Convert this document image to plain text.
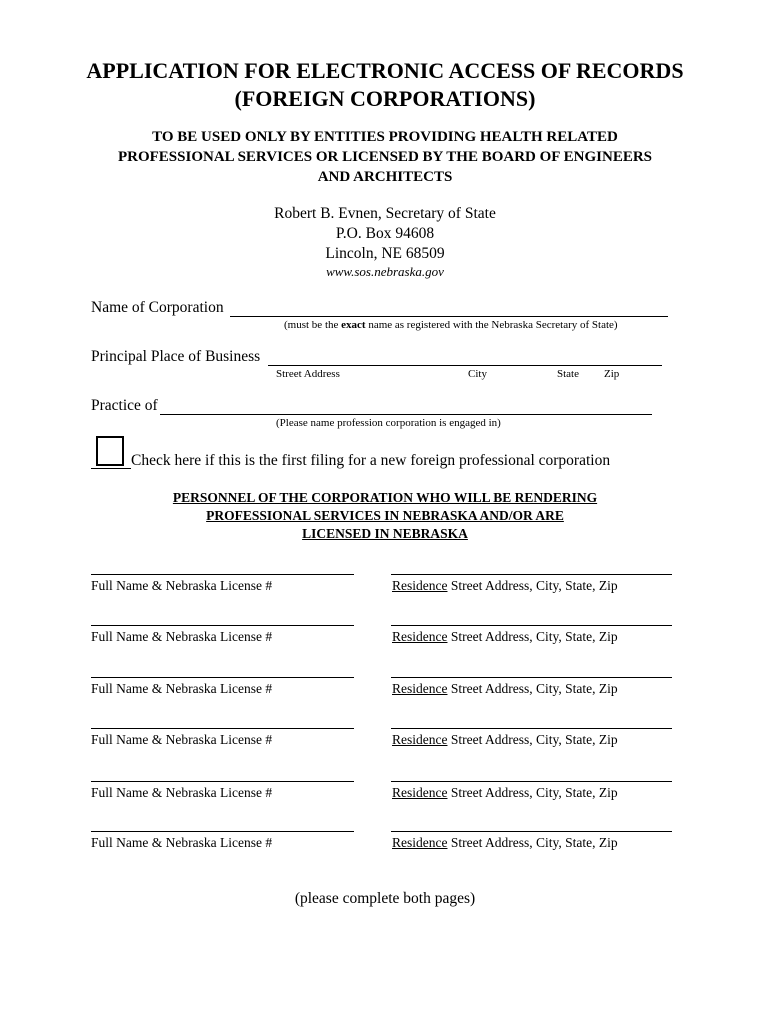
APPLICATION FOR ELECTRONIC ACCESS OF RECORDS
(FOREIGN CORPORATIONS)
TO BE USED ONLY BY ENTITIES PROVIDING HEALTH RELATED
PROFESSIONAL SERVICES OR LICENSED BY THE BOARD OF ENGINEERS
AND ARCHITECTS
Robert B. Evnen, Secretary of State
P.O. Box 94608
Lincoln, NE 68509
www.sos.nebraska.gov
Name of Corporation
(must be the exact name as registered with the Nebraska Secretary of State)
Principal Place of Business
Street Address	City	State Zip
Practice of
(Please name profession corporation is engaged in)
Check here if this is the first filing for a new foreign professional corporation
PERSONNEL OF THE CORPORATION WHO WILL BE RENDERING
PROFESSIONAL SERVICES IN NEBRASKA AND/OR ARE
LICENSED IN NEBRASKA
Full Name & Nebraska License #	Residence Street Address, City, State, Zip
Full Name & Nebraska License #	Residence Street Address, City, State, Zip
Full Name & Nebraska License #	Residence Street Address, City, State, Zip
Full Name & Nebraska License #	Residence Street Address, City, State, Zip
Full Name & Nebraska License #	Residence Street Address, City, State, Zip
Full Name & Nebraska License #	Residence Street Address, City, State, Zip
(please complete both pages)
